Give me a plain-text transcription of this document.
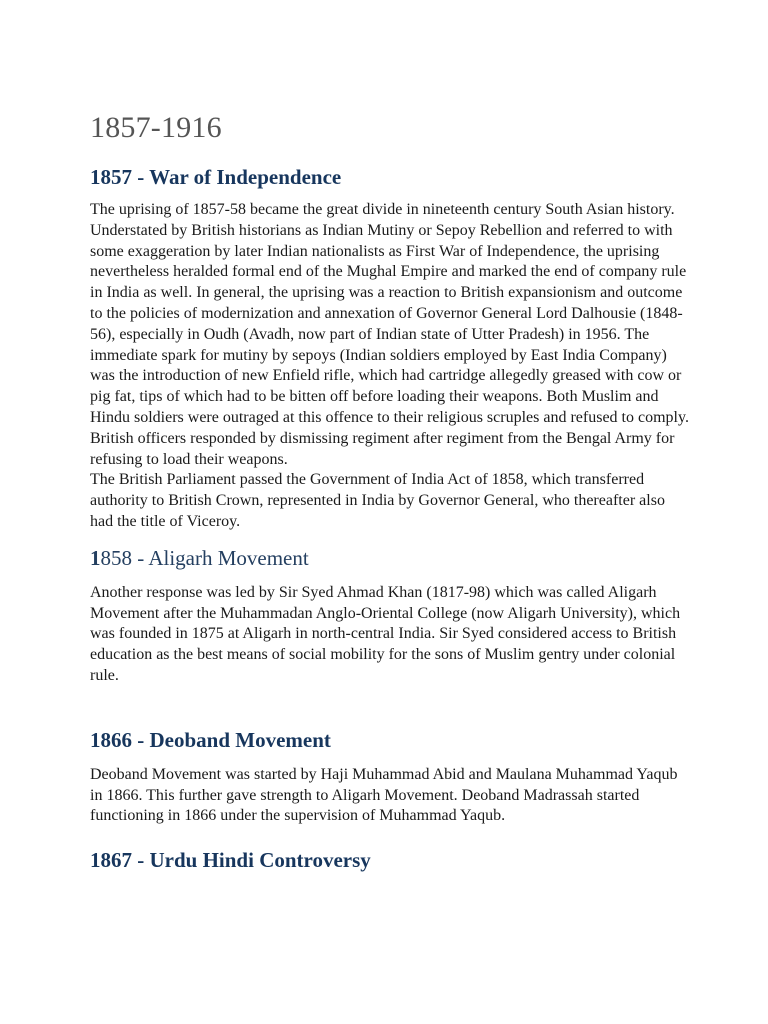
1857-1916
1857 - War of Independence

The uprising of 1857-58 became the great divide in nineteenth century South Asian history. Understated by British historians as Indian Mutiny or Sepoy Rebellion and referred to with some exaggeration by later Indian nationalists as First War of Independence, the uprising nevertheless heralded formal end of the Mughal Empire and marked the end of company rule in India as well. In general, the uprising was a reaction to British expansionism and outcome to the policies of modernization and annexation of Governor General Lord Dalhousie (1848-56), especially in Oudh (Avadh, now part of Indian state of Utter Pradesh) in 1956. The immediate spark for mutiny by sepoys (Indian soldiers employed by East India Company) was the introduction of new Enfield rifle, which had cartridge allegedly greased with cow or pig fat, tips of which had to be bitten off before loading their weapons. Both Muslim and Hindu soldiers were outraged at this offence to their religious scruples and refused to comply. British officers responded by dismissing regiment after regiment from the Bengal Army for refusing to load their weapons.

The British Parliament passed the Government of India Act of 1858, which transferred authority to British Crown, represented in India by Governor General, who thereafter also had the title of Viceroy.

1858 - Aligarh Movement

Another response was led by Sir Syed Ahmad Khan (1817-98) which was called Aligarh Movement after the Muhammadan Anglo-Oriental College (now Aligarh University), which was founded in 1875 at Aligarh in north-central India. Sir Syed considered access to British education as the best means of social mobility for the sons of Muslim gentry under colonial rule.

1866 - Deoband Movement

Deoband Movement was started by Haji Muhammad Abid and Maulana Muhammad Yaqub in 1866. This further gave strength to Aligarh Movement. Deoband Madrassah started functioning in 1866 under the supervision of Muhammad Yaqub.

1867 - Urdu Hindi Controversy
